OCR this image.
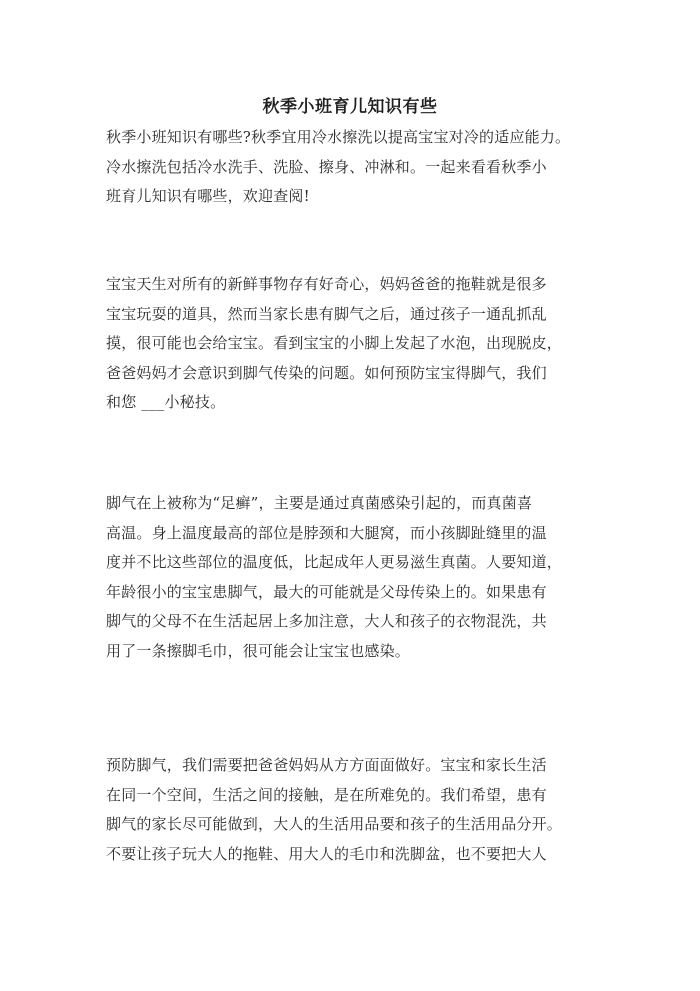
秋季小班育儿知识有些
秋季小班知识有哪些?秋季宜用冷水擦洗以提高宝宝对冷的适应能力。
冷水擦洗包括冷水洗手、洗脸、擦身、冲淋和。一起来看看秋季小
班育儿知识有哪些，欢迎查阅!
宝宝天生对所有的新鲜事物存有好奇心，妈妈爸爸的拖鞋就是很多
宝宝玩耍的道具，然而当家长患有脚气之后，通过孩子一通乱抓乱
摸，很可能也会给宝宝。看到宝宝的小脚上发起了水泡，出现脱皮，
爸爸妈妈才会意识到脚气传染的问题。如何预防宝宝得脚气，我们
和您 ___小秘技。
脚气在上被称为“足癣”，主要是通过真菌感染引起的，而真菌喜
高温。身上温度最高的部位是脖颈和大腿窝，而小孩脚趾缝里的温
度并不比这些部位的温度低，比起成年人更易滋生真菌。人要知道，
年龄很小的宝宝患脚气，最大的可能就是父母传染上的。如果患有
脚气的父母不在生活起居上多加注意，大人和孩子的衣物混洗，共
用了一条擦脚毛巾，很可能会让宝宝也感染。
预防脚气，我们需要把爸爸妈妈从方方面面做好。宝宝和家长生活
在同一个空间，生活之间的接触，是在所难免的。我们希望，患有
脚气的家长尽可能做到，大人的生活用品要和孩子的生活用品分开。
不要让孩子玩大人的拖鞋、用大人的毛巾和洗脚盆，也不要把大人
